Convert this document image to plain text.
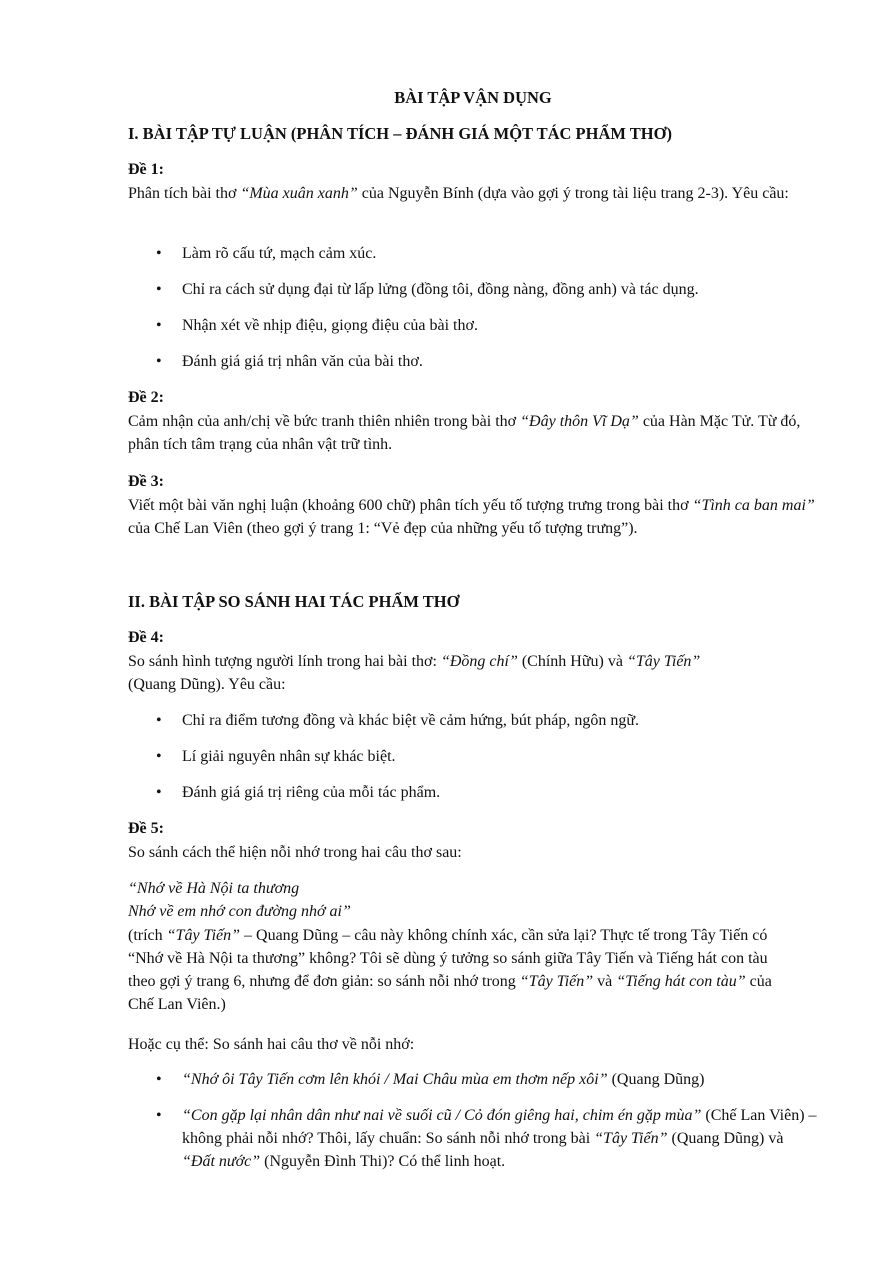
BÀI TẬP VẬN DỤNG
I. BÀI TẬP TỰ LUẬN (PHÂN TÍCH – ĐÁNH GIÁ MỘT TÁC PHẨM THƠ)
Đề 1:
Phân tích bài thơ “Mùa xuân xanh” của Nguyễn Bính (dựa vào gợi ý trong tài liệu trang 2-3). Yêu cầu:
• Làm rõ cấu tứ, mạch cảm xúc.
• Chỉ ra cách sử dụng đại từ lấp lửng (đồng tôi, đồng nàng, đồng anh) và tác dụng.
• Nhận xét về nhịp điệu, giọng điệu của bài thơ.
• Đánh giá giá trị nhân văn của bài thơ.
Đề 2:
Cảm nhận của anh/chị về bức tranh thiên nhiên trong bài thơ “Đây thôn Vĩ Dạ” của Hàn Mặc Tử. Từ đó, phân tích tâm trạng của nhân vật trữ tình.
Đề 3:
Viết một bài văn nghị luận (khoảng 600 chữ) phân tích yếu tố tượng trưng trong bài thơ “Tình ca ban mai” của Chế Lan Viên (theo gợi ý trang 1: “Vẻ đẹp của những yếu tố tượng trưng”).
II. BÀI TẬP SO SÁNH HAI TÁC PHẨM THƠ
Đề 4:
So sánh hình tượng người lính trong hai bài thơ: “Đồng chí” (Chính Hữu) và “Tây Tiến” (Quang Dũng). Yêu cầu:
• Chỉ ra điểm tương đồng và khác biệt về cảm hứng, bút pháp, ngôn ngữ.
• Lí giải nguyên nhân sự khác biệt.
• Đánh giá giá trị riêng của mỗi tác phẩm.
Đề 5:
So sánh cách thể hiện nỗi nhớ trong hai câu thơ sau:
“Nhớ về Hà Nội ta thương
Nhớ về em nhớ con đường nhớ ai”
(trích “Tây Tiến” – Quang Dũng – câu này không chính xác, cần sửa lại? Thực tế trong Tây Tiến có “Nhớ về Hà Nội ta thương” không? Tôi sẽ dùng ý tưởng so sánh giữa Tây Tiến và Tiếng hát con tàu theo gợi ý trang 6, nhưng để đơn giản: so sánh nỗi nhớ trong “Tây Tiến” và “Tiếng hát con tàu” của Chế Lan Viên.)
Hoặc cụ thể: So sánh hai câu thơ về nỗi nhớ:
• “Nhớ ôi Tây Tiến cơm lên khói / Mai Châu mùa em thơm nếp xôi” (Quang Dũng)
• “Con gặp lại nhân dân như nai về suối cũ / Cỏ đón giêng hai, chim én gặp mùa” (Chế Lan Viên) – không phải nỗi nhớ? Thôi, lấy chuẩn: So sánh nỗi nhớ trong bài “Tây Tiến” (Quang Dũng) và “Đất nước” (Nguyễn Đình Thi)? Có thể linh hoạt.
